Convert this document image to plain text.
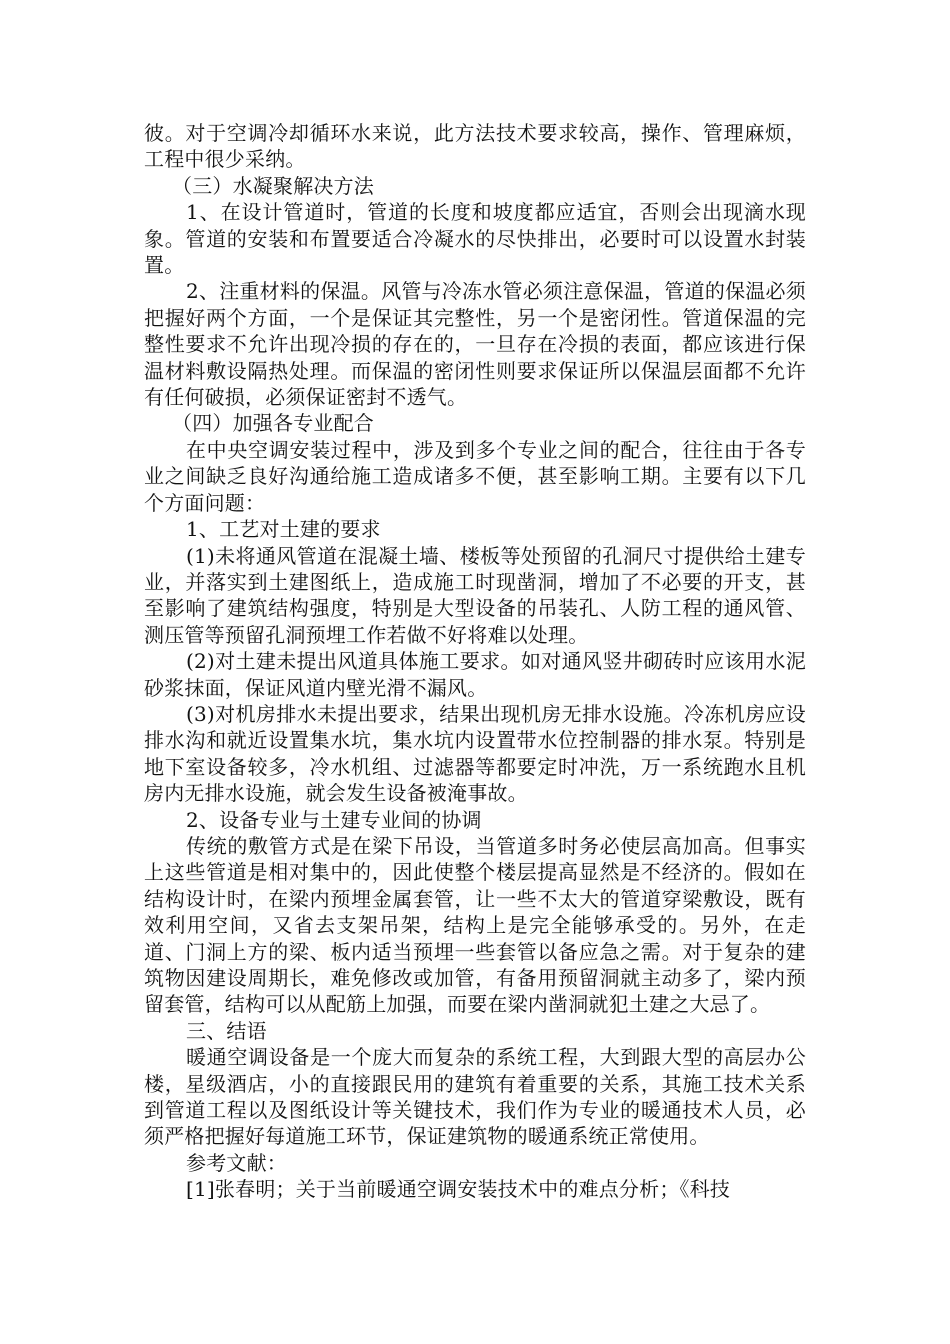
彼。对于空调冷却循环水来说，此方法技术要求较高，操作、管理麻烦，工程中很少采纳。

（三）水凝聚解决方法

1、在设计管道时，管道的长度和坡度都应适宜，否则会出现滴水现象。管道的安装和布置要适合冷凝水的尽快排出，必要时可以设置水封装置。

2、注重材料的保温。风管与冷冻水管必须注意保温，管道的保温必须把握好两个方面，一个是保证其完整性，另一个是密闭性。管道保温的完整性要求不允许出现冷损的存在的，一旦存在冷损的表面，都应该进行保温材料敷设隔热处理。而保温的密闭性则要求保证所以保温层面都不允许有任何破损，必须保证密封不透气。

（四）加强各专业配合

在中央空调安装过程中，涉及到多个专业之间的配合，往往由于各专业之间缺乏良好沟通给施工造成诸多不便，甚至影响工期。主要有以下几个方面问题：

1、工艺对土建的要求

(1)未将通风管道在混凝土墙、楼板等处预留的孔洞尺寸提供给土建专业，并落实到土建图纸上，造成施工时现凿洞，增加了不必要的开支，甚至影响了建筑结构强度，特别是大型设备的吊装孔、人防工程的通风管、测压管等预留孔洞预埋工作若做不好将难以处理。

(2)对土建未提出风道具体施工要求。如对通风竖井砌砖时应该用水泥砂浆抹面，保证风道内壁光滑不漏风。

(3)对机房排水未提出要求，结果出现机房无排水设施。冷冻机房应设排水沟和就近设置集水坑，集水坑内设置带水位控制器的排水泵。特别是地下室设备较多，冷水机组、过滤器等都要定时冲洗，万一系统跑水且机房内无排水设施，就会发生设备被淹事故。

2、设备专业与土建专业间的协调

传统的敷管方式是在梁下吊设，当管道多时务必使层高加高。但事实上这些管道是相对集中的，因此使整个楼层提高显然是不经济的。假如在结构设计时，在梁内预埋金属套管，让一些不太大的管道穿梁敷设，既有效利用空间，又省去支架吊架，结构上是完全能够承受的。另外，在走道、门洞上方的梁、板内适当预埋一些套管以备应急之需。对于复杂的建筑物因建设周期长，难免修改或加管，有备用预留洞就主动多了，梁内预留套管，结构可以从配筋上加强，而要在梁内凿洞就犯土建之大忌了。

三、结语

暖通空调设备是一个庞大而复杂的系统工程，大到跟大型的高层办公楼，星级酒店，小的直接跟民用的建筑有着重要的关系，其施工技术关系到管道工程以及图纸设计等关键技术，我们作为专业的暖通技术人员，必须严格把握好每道施工环节，保证建筑物的暖通系统正常使用。

参考文献：

[1]张春明；关于当前暖通空调安装技术中的难点分析；《科技
